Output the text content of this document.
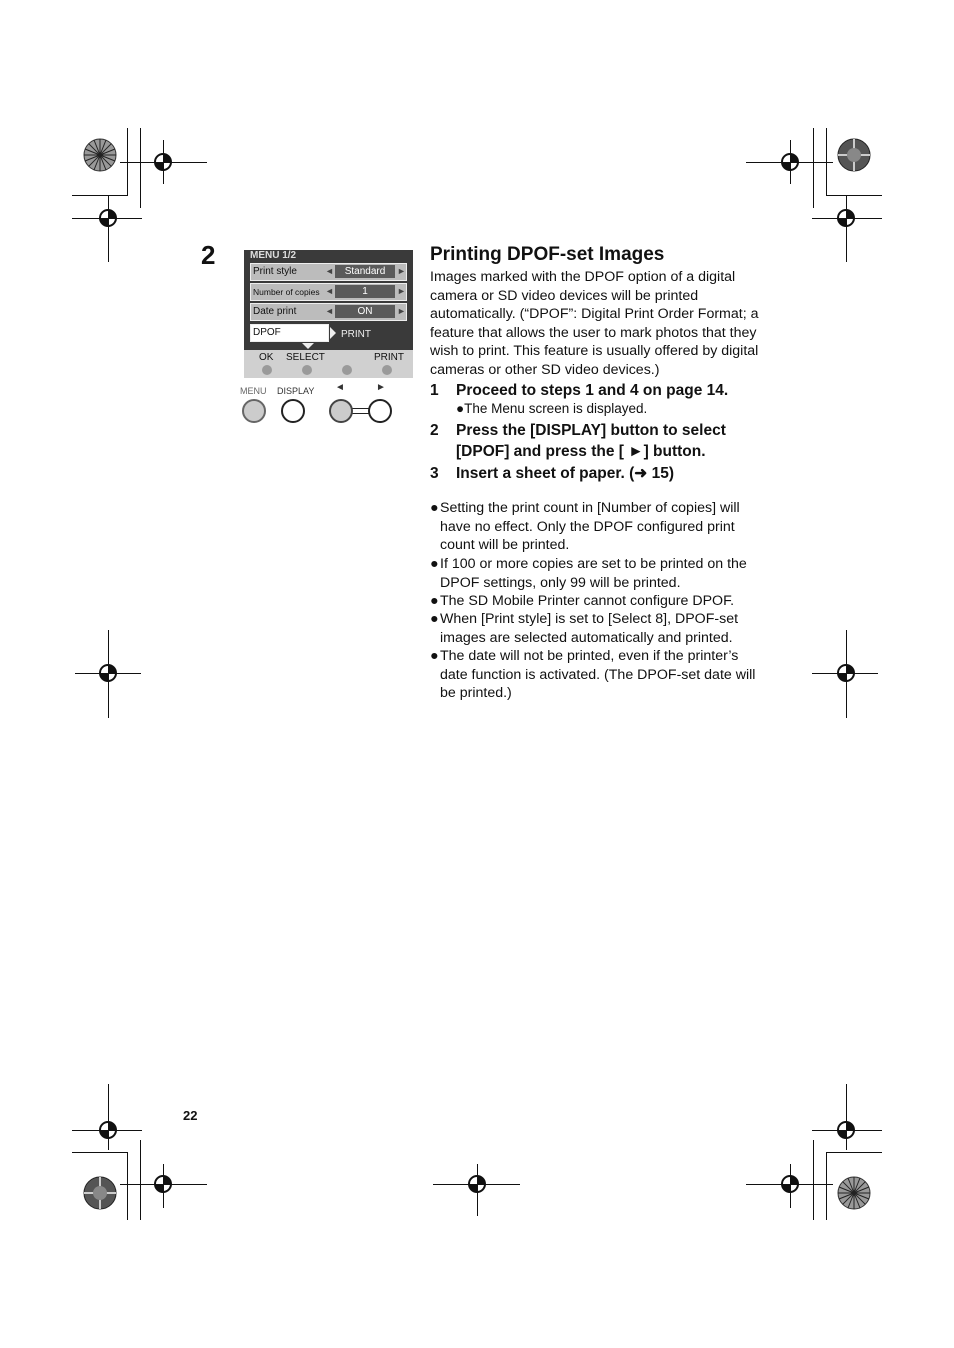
2	MENU 1/2
Print style	◄	Standard	►
Number of copies ◄	1	►
Date print	◄	ON	►
DPOF	PRINT
OK SELECT	PRINT
MENU DISPLAY ◄	►
Printing DPOF-set Images
Images marked with the DPOF option of a digital
camera or SD video devices will be printed
automatically. (“DPOF”: Digital Print Order Format; a
feature that allows the user to mark photos that they
wish to print. This feature is usually offered by digital
cameras or other SD video devices.)
1 Proceed to steps 1 and 4 on page 14.
●The Menu screen is displayed.
2 Press the [DISPLAY] button to select
[DPOF] and press the [ ►] button.
3 Insert a sheet of paper. (➜ 15)
● Setting the print count in [Number of copies] will
have no effect. Only the DPOF configured print
count will be printed.
● If 100 or more copies are set to be printed on the
DPOF settings, only 99 will be printed.
● The SD Mobile Printer cannot configure DPOF.
● When [Print style] is set to [Select 8], DPOF-set
images are selected automatically and printed.
● The date will not be printed, even if the printer’s
date function is activated. (The DPOF-set date will
be printed.)
22
